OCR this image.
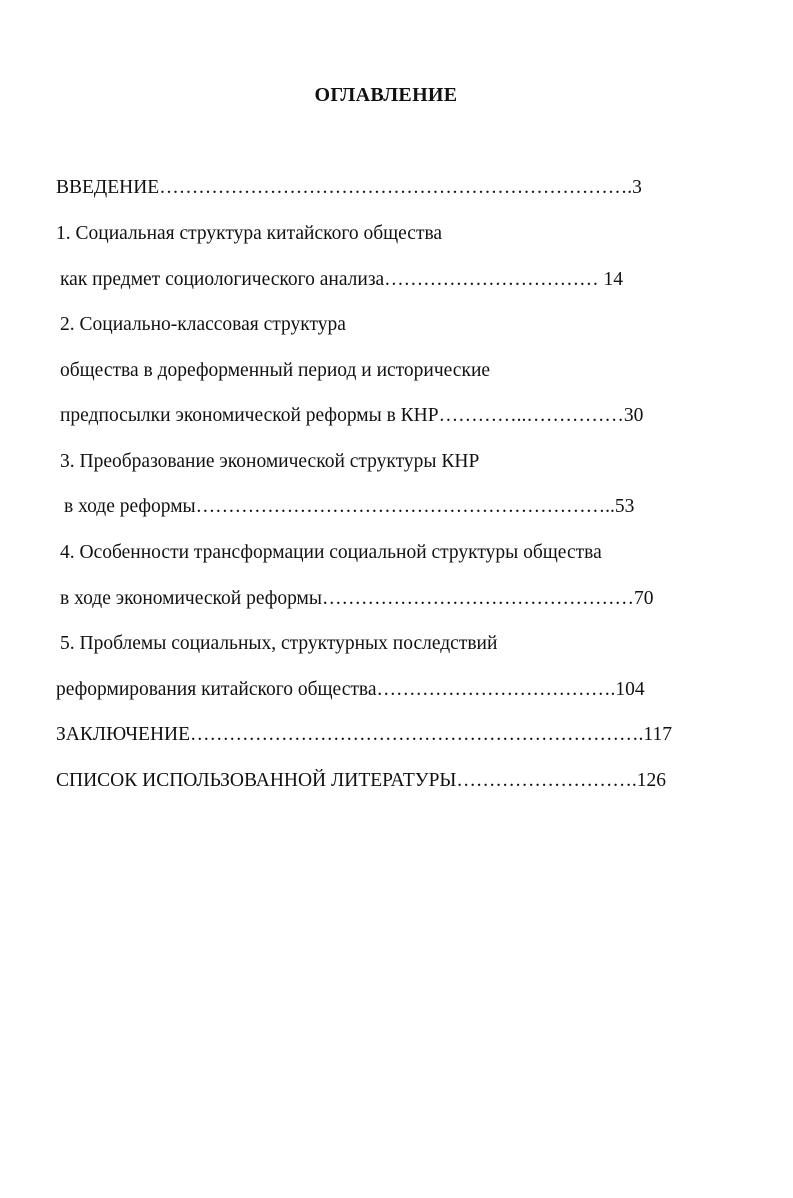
ОГЛАВЛЕНИЕ

ВВЕДЕНИЕ……………………………………………………………….3

1. Социальная структура китайского общества

как предмет социологического анализа…………………………… 14

2. Социально-классовая структура

общества в дореформенный период и исторические

предпосылки экономической реформы в КНР…………..……………30

3. Преобразование экономической структуры КНР

в ходе реформы………………………………………………………..53

4. Особенности трансформации социальной структуры общества

в ходе экономической реформы…………………………………………70

5. Проблемы социальных, структурных последствий

реформирования китайского общества……………………………….104

ЗАКЛЮЧЕНИЕ…………………………………………………………….117

СПИСОК ИСПОЛЬЗОВАННОЙ ЛИТЕРАТУРЫ……………………….126
